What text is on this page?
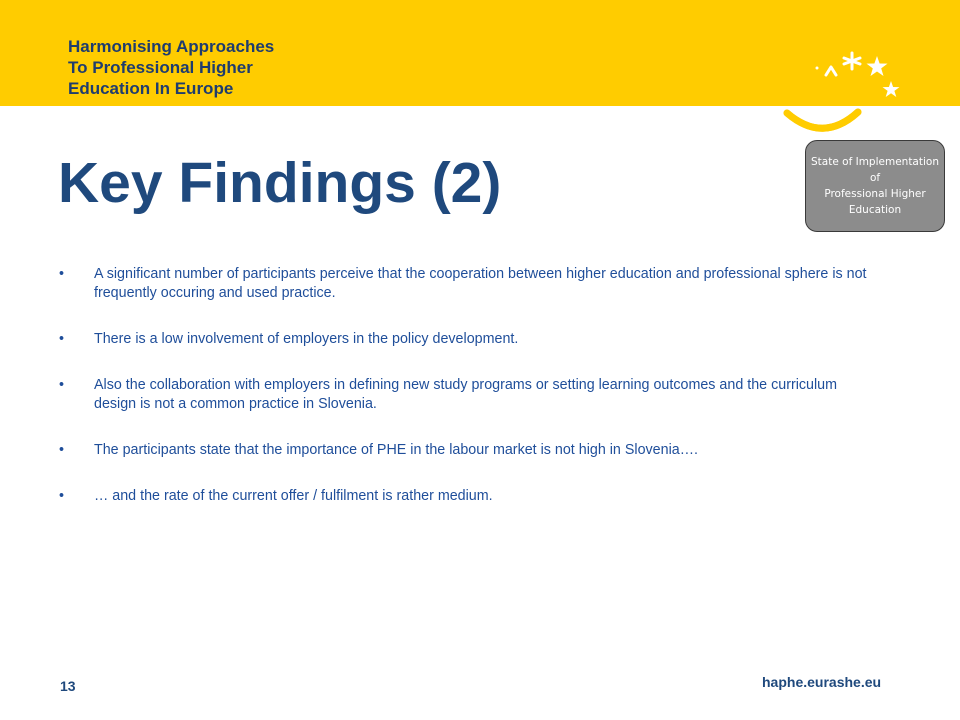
Harmonising Approaches
To Professional Higher
Education In Europe
State of Implementation
of
Professional Higher
Education
Key Findings (2)
• A significant number of participants perceive that the cooperation between higher education and professional sphere is not frequently occuring and used practice.
• There is a low involvement of employers in the policy development.
• Also the collaboration with employers in defining new study programs or setting learning outcomes and the curriculum design is not a common practice in Slovenia.
• The participants state that the importance of PHE in the labour market is not high in Slovenia….
• … and the rate of the current offer / fulfilment is rather medium.
13	haphe.eurashe.eu
